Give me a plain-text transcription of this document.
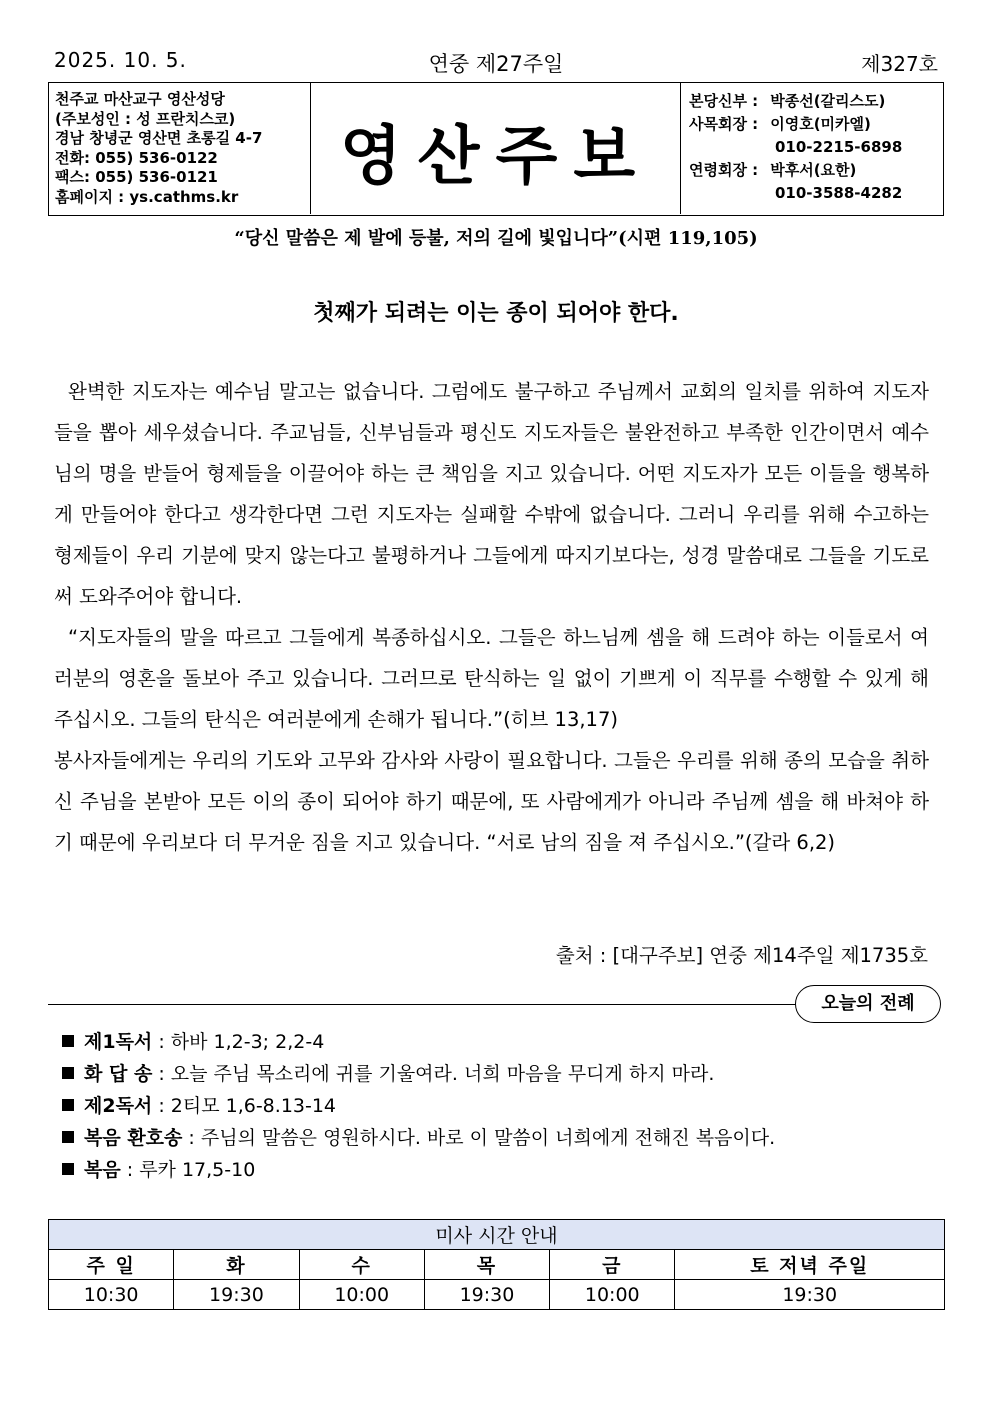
2025. 10. 5.	연중 제27주일	제327호
천주교 마산교구 영산성당
(주보성인 : 성 프란치스코)
경남 창녕군 영산면 초롱길 4-7
전화: 055) 536-0122
팩스: 055) 536-0121
홈페이지 : ys.cathms.kr
영산주보
본당신부 : 박종선(갈리스도)
사목회장 : 이영호(미카엘)
010-2215-6898
연령회장 : 박후서(요한)
010-3588-4282
“당신 말씀은 제 발에 등불, 저의 길에 빛입니다”(시편 119,105)
첫째가 되려는 이는 종이 되어야 한다.

완벽한 지도자는 예수님 말고는 없습니다. 그럼에도 불구하고 주님께서 교회의 일치를 위하여 지도자들을 뽑아 세우셨습니다. 주교님들, 신부님들과 평신도 지도자들은 불완전하고 부족한 인간이면서 예수님의 명을 받들어 형제들을 이끌어야 하는 큰 책임을 지고 있습니다. 어떤 지도자가 모든 이들을 행복하게 만들어야 한다고 생각한다면 그런 지도자는 실패할 수밖에 없습니다. 그러니 우리를 위해 수고하는 형제들이 우리 기분에 맞지 않는다고 불평하거나 그들에게 따지기보다는, 성경 말씀대로 그들을 기도로써 도와주어야 합니다.

“지도자들의 말을 따르고 그들에게 복종하십시오. 그들은 하느님께 셈을 해 드려야 하는 이들로서 여러분의 영혼을 돌보아 주고 있습니다. 그러므로 탄식하는 일 없이 기쁘게 이 직무를 수행할 수 있게 해 주십시오. 그들의 탄식은 여러분에게 손해가 됩니다.”(히브 13,17)

봉사자들에게는 우리의 기도와 고무와 감사와 사랑이 필요합니다. 그들은 우리를 위해 종의 모습을 취하신 주님을 본받아 모든 이의 종이 되어야 하기 때문에, 또 사람에게가 아니라 주님께 셈을 해 바쳐야 하기 때문에 우리보다 더 무거운 짐을 지고 있습니다. “서로 남의 짐을 져 주십시오.”(갈라 6,2)

출처 : [대구주보] 연중 제14주일 제1735호
오늘의 전례
제1독서 : 하바 1,2-3; 2,2-4
화 답 송 : 오늘 주님 목소리에 귀를 기울여라. 너희 마음을 무디게 하지 마라.
제2독서 : 2티모 1,6-8.13-14
복음 환호송 : 주님의 말씀은 영원하시다. 바로 이 말씀이 너희에게 전해진 복음이다.
복음 : 루카 17,5-10
미사 시간 안내					
주 일	화	수	목	금	토 저녁 주일
10:30	19:30	10:00	19:30	10:00	19:30
